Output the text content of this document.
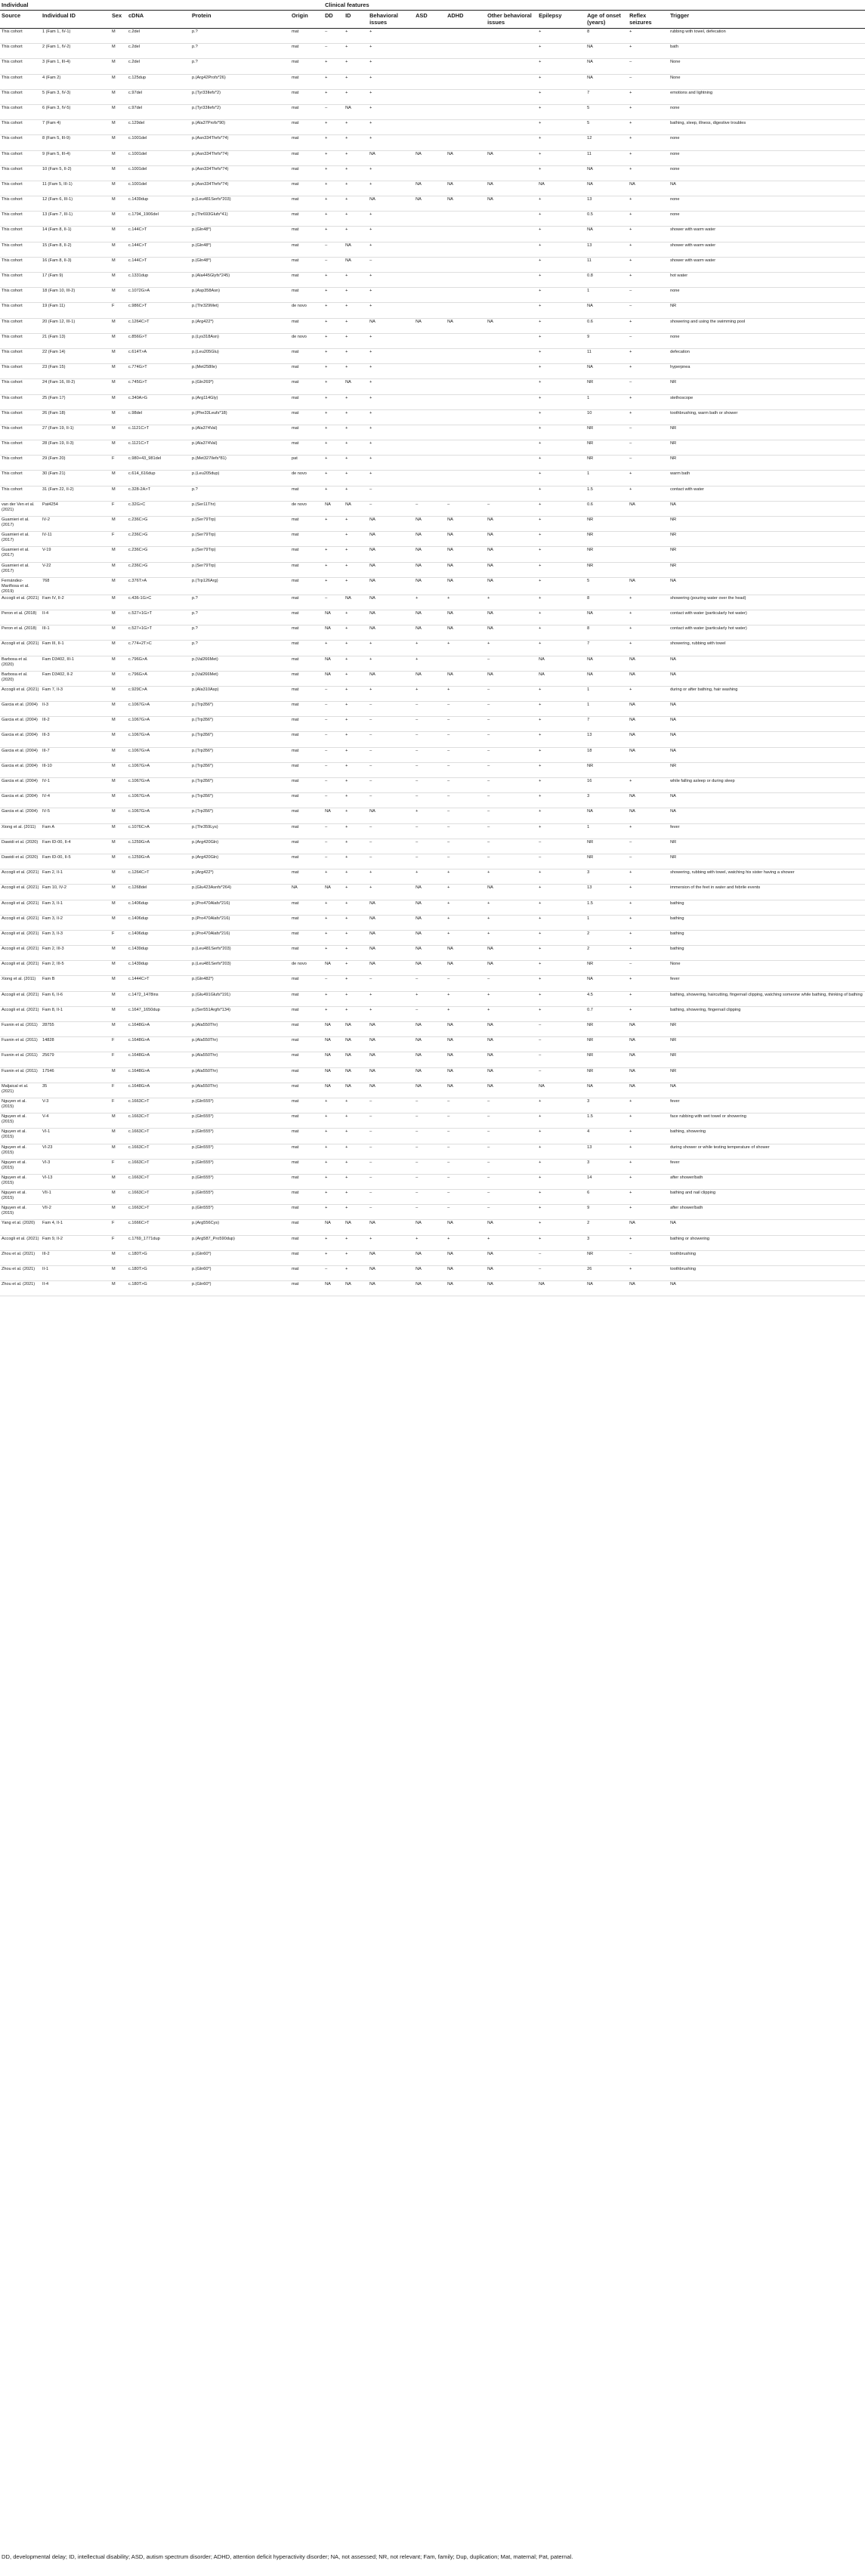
Individual						Clinical features									
Source	Individual ID	Sex	cDNA	Protein	Origin	DD	ID	Behavioral issues	ASD	ADHD	Other behavioral issues	Epilepsy	Age of onset (years)	Reflex seizures	Trigger
This cohort	1 (Fam 1, IV-1)	M	c.2del	p.?	mat	–	+	+				+	8	+	rubbing with towel, defecation
This cohort	2 (Fam 1, IV-2)	M	c.2del	p.?	mat	–	+	+				+	NA	+	bath
This cohort	3 (Fam 1, III-4)	M	c.2del	p.?	mat	+	+	+				+	NA	–	None
This cohort	4 (Fam 2)	M	c.125dup	p.(Arg42Profs*26)	mat	+	+	+				+	NA	–	None
This cohort	5 (Fam 3, IV-3)	M	c.97del	p.(Tyr33Ilefs*2)	mat	+	+	+				+	7	+	emotions and lightning
This cohort	6 (Fam 3, IV-5)	M	c.97del	p.(Tyr33Ilefs*2)	mat	–	NA	+				+	5	+	none
This cohort	7 (Fam 4)	M	c.129del	p.(Ala37Profs*90)	mat	+	+	+				+	5	+	bathing, sleep, illness, digestive troubles
This cohort	8 (Fam 5, III-9)	M	c.1001del	p.(Asn334Thrfs*74)	mat	+	+	+				+	12	+	none
This cohort	9 (Fam 5, III-4)	M	c.1001del	p.(Asn334Thrfs*74)	mat	+	+	NA	NA	NA	NA	+	11	+	none
This cohort	10 (Fam 5, II-2)	M	c.1001del	p.(Asn334Thrfs*74)	mat	+	+	+				+	NA	+	none
This cohort	11 (Fam 5, III-1)	M	c.1001del	p.(Asn334Thrfs*74)	mat	+	+	+	NA	NA	NA	NA	NA	NA	NA
This cohort	12 (Fam 6, III-1)	M	c.1439dup	p.(Leu481Serfs*203)	mat	+	+	NA	NA	NA	NA	+	13	+	none
This cohort	13 (Fam 7, III-1)	M	c.1794_1906del	p.(Thr693Glufs*41)	mat	+	+	+				+	0.5	+	none
This cohort	14 (Fam 8, II-1)	M	c.144C>T	p.(Gln48*)	mat	+	+	+				+	NA	+	shower with warm water
This cohort	15 (Fam 8, II-2)	M	c.144C>T	p.(Gln48*)	mat	–	NA	+				+	13	+	shower with warm water
This cohort	16 (Fam 8, II-3)	M	c.144C>T	p.(Gln48*)	mat	–	NA	–				+	11	+	shower with warm water
This cohort	17 (Fam 9)	M	c.1331dup	p.(Ala445Glyfs*245)	mat	+	+	+				+	0.8	+	hot water
This cohort	18 (Fam 10, III-2)	M	c.1072G>A	p.(Asp358Asn)	mat	+	+	+				+	1	–	none
This cohort	19 (Fam 11)	F	c.986C>T	p.(Thr329Met)	de novo	+	+	+				+	NA	–	NR
This cohort	20 (Fam 12, III-1)	M	c.1264C>T	p.(Arg422*)	mat	+	+	NA	NA	NA	NA	+	0.6	+	showering and using the swimming pool
This cohort	21 (Fam 13)	M	c.856G>T	p.(Lys318Asn)	de novo	+	+	+				+	9	–	none
This cohort	22 (Fam 14)	M	c.614T>A	p.(Leu205Glu)	mat	+	+	+				+	11	+	defecation
This cohort	23 (Fam 15)	M	c.774G>T	p.(Met258Ile)	mat	+	+	+				+	NA	+	hyperpnea
This cohort	24 (Fam 16, III-2)	M	c.745G>T	p.(Gln269*)	mat	+	NA	+				+	NR	–	NR
This cohort	25 (Fam 17)	M	c.340A>G	p.(Arg114Gly)	mat	+	+	+				+	1	+	stethoscope
This cohort	26 (Fam 18)	M	c.98del	p.(Phe33Leufs*18)	mat	+	+	+				+	10	+	toothbrushing, warm bath or shower
This cohort	27 (Fam 19, II-1)	M	c.1121C>T	p.(Ala374Val)	mat	+	+	+				+	NR	–	NR
This cohort	28 (Fam 19, II-3)	M	c.1121C>T	p.(Ala374Val)	mat	+	+	+				+	NR	–	NR
This cohort	29 (Fam 20)	F	c.980+43_981del	p.(Met327Ilefs*81)	pat	+	+	+				+	NR	–	NR
This cohort	30 (Fam 21)	M	c.614_616dup	p.(Leu205dup)	de novo	+	+	+				+	1	+	warm bath
This cohort	31 (Fam 22, II-2)	M	c.328-2A>T	p.?	mat	+	+	–				+	1.5	+	contact with water
van der Ven et al. (2021)	Pat4254	F	c.32G>C	p.(Ser11Thr)	de novo	NA	NA	–	–	–	–	+	0.6	NA	NA
Guarnieri et al. (2017)	IV-2	M	c.236C>G	p.(Ser79Trp)	mat	+	+	NA	NA	NA	NA	+	NR		NR
Guarnieri et al. (2017)	IV-11	F	c.236C>G	p.(Ser79Trp)	mat		+	NA	NA	NA	NA	+	NR		NR
Guarnieri et al. (2017)	V-19	M	c.236C>G	p.(Ser79Trp)	mat	+	+	NA	NA	NA	NA	+	NR		NR
Guarnieri et al. (2017)	V-22	M	c.236C>G	p.(Ser79Trp)	mat	+	+	NA	NA	NA	NA	+	NR		NR
Fernández-Mariñosa et al. (2019)	768	M	c.376T>A	p.(Trp126Arg)	mat	+	+	NA	NA	NA	NA	+	5	NA	NA
Accogli et al. (2021)	Fam IV, II-2	M	c.436-1G>C	p.?	mat	–	NA	NA	+	+	+	+	8	+	showering (pouring water over the head)
Peron et al. (2018)	II-4	M	c.527+1G>T	p.?	mat	NA	+	NA	NA	NA	NA	+	NA	+	contact with water (particularly hot water)
Peron et al. (2018)	III-1	M	c.527+1G>T	p.?	mat	NA	+	NA	NA	NA	NA	+	8	+	contact with water (particularly hot water)
Accogli et al. (2021)	Fam III, II-1	M	c.774+2T>C	p.?	mat	+	+	+	+	+	+	+	7	+	showering, rubbing with towel
Barbosa et al. (2020)	Fam D3402, III-1	M	c.796G>A	p.(Val266Met)	mat	NA	+	+	+		–	NA	NA	NA	NA
Barbosa et al. (2020)	Fam D3402, II-2	M	c.796G>A	p.(Val266Met)	mat	NA	+	NA	NA	NA	NA	NA	NA	NA	NA
Accogli et al. (2021)	Fam 7, II-3	M	c.929C>A	p.(Ala310Asp)	mat	–	+	+	+	+	–	+	1	+	during or after bathing, hair washing
Garcia et al. (2004)	II-3	M	c.1067G>A	p.(Trp356*)	mat	–	+	–	–	–	–	+	1	NA	NA
Garcia et al. (2004)	III-2	M	c.1067G>A	p.(Trp356*)	mat	–	+	–	–	–	–	+	7	NA	NA
Garcia et al. (2004)	III-3	M	c.1067G>A	p.(Trp356*)	mat	–	+	–	–	–	–	+	13	NA	NA
Garcia et al. (2004)	III-7	M	c.1067G>A	p.(Trp356*)	mat	–	+	–	–	–	–	+	18	NA	NA
Garcia et al. (2004)	III-10	M	c.1067G>A	p.(Trp356*)	mat	–	+	–	–	–	–	+	NR		NR
Garcia et al. (2004)	IV-1	M	c.1067G>A	p.(Trp356*)	mat	–	+	–	–	–	–	+	16	+	while falling asleep or during sleep
Garcia et al. (2004)	IV-4	M	c.1067G>A	p.(Trp356*)	mat	–	+	–	–	–	–	+	3	NA	NA
Garcia et al. (2004)	IV-5	M	c.1067G>A	p.(Trp356*)	mat	NA	+	NA	+	–	–	+	NA	NA	NA
Xiong et al. (2011)	Fam A	M	c.1076C>A	p.(Thr359Lys)	mat	–	+	–	–	–	–	+	1	+	fever
Dawidi et al. (2020)	Fam ID-00, II-4	M	c.1259G>A	p.(Arg420Gln)	mat	–	+	–	–	–	–	–	NR	–	NR
Dawidi et al. (2020)	Fam ID-00, II-5	M	c.1259G>A	p.(Arg420Gln)	mat	–	+	–	–	–	–	–	NR	–	NR
Accogli et al. (2021)	Fam 2, II-1	M	c.1264C>T	p.(Arg422*)	mat	+	+	+	+	+	+	+	3	+	showering, rubbing with towel, watching his sister having a shower
Accogli et al. (2021)	Fam 10, IV-2	M	c.1268del	p.(Glu423Asnfs*264)	NA	NA	+	+	NA	+	NA	+	13	+	immersion of the feet in water and febrile events
Accogli et al. (2021)	Fam 3, II-1	M	c.1406dup	p.(Pro470Alafs*216)	mat	+	+	NA	NA	+	+	+	1.5	+	bathing
Accogli et al. (2021)	Fam 3, II-2	M	c.1406dup	p.(Pro470Alafs*216)	mat	+	+	NA	NA	+	+	+	1	+	bathing
Accogli et al. (2021)	Fam 3, II-3	F	c.1406dup	p.(Pro470Alafs*216)	mat	+	+	NA	NA	+	+	+	2	+	bathing
Accogli et al. (2021)	Fam 2, III-3	M	c.1439dup	p.(Leu481Serfs*203)	mat	+	+	NA	NA	NA	NA	+	2	+	bathing
Accogli et al. (2021)	Fam 2, III-5	M	c.1439dup	p.(Leu481Serfs*203)	de novo	NA	+	NA	NA	NA	NA	+	NR	–	None
Xiong et al. (2011)	Fam B	M	c.1444C>T	p.(Gln482*)	mat	–	+	–	–	–	–	+	NA	+	fever
Accogli et al. (2021)	Fam 6, II-6	M	c.1472_1478ins	p.(Glu491Glufs*191)	mat	+	+	+	+	+	+	+	4.5	+	bathing, showering, haircutting, fingernail clipping, watching someone while bathing, thinking of bathing
Accogli et al. (2021)	Fam 8, II-1	M	c.1647_1650dup	p.(Ser551Argfs*134)	mat	+	+	+	–	+	+	+	0.7	+	bathing, showering, fingernail clipping
Fusnin et al. (2011)	28755	M	c.1648G>A	p.(Ala550Thr)	mat	NA	NA	NA	NA	NA	NA	–	NR	NA	NR
Fusnin et al. (2011)	14828	F	c.1648G>A	p.(Ala550Thr)	mat	NA	NA	NA	NA	NA	NA	–	NR	NA	NR
Fusnin et al. (2011)	25679	F	c.1648G>A	p.(Ala550Thr)	mat	NA	NA	NA	NA	NA	NA	–	NR	NA	NR
Fusnin et al. (2011)	17546	M	c.1648G>A	p.(Ala550Thr)	mat	NA	NA	NA	NA	NA	NA	–	NR	NA	NR
Maljaical et al. (2021)	35	F	c.1648G>A	p.(Ala550Thr)	mat	NA	NA	NA	NA	NA	NA	NA	NA	NA	NA
Nguyen et al. (2015)	V-3	F	c.1663C>T	p.(Gln555*)	mat	+	+	–	–	–	–	+	3	+	fever
Nguyen et al. (2015)	V-4	M	c.1663C>T	p.(Gln555*)	mat	+	+	–	–	–	–	+	1.5	+	face rubbing with wet towel or showering
Nguyen et al. (2015)	VI-1	M	c.1663C>T	p.(Gln555*)	mat	+	+	–	–	–	–	+	4	+	bathing, showering
Nguyen et al. (2015)	VI-23	M	c.1663C>T	p.(Gln555*)	mat	+	+	–	–	–	–	+	13	+	during shower or while testing temperature of shower
Nguyen et al. (2015)	VI-3	F	c.1663C>T	p.(Gln555*)	mat	+	+	–	–	–	–	+	3	+	fever
Nguyen et al. (2015)	VI-13	M	c.1663C>T	p.(Gln555*)	mat	+	+	–	–	–	–	+	14	+	after shower/bath
Nguyen et al. (2015)	VII-1	M	c.1663C>T	p.(Gln555*)	mat	+	+	–	–	–	–	+	6	+	bathing and nail clipping
Nguyen et al. (2015)	VII-2	M	c.1663C>T	p.(Gln555*)	mat	+	+	–	–	–	–	+	9	+	after shower/bath
Yang et al. (2020)	Fam 4, II-1	F	c.1666C>T	p.(Arg556Cys)	mat	NA	NA	NA	NA	NA	NA	+	2	NA	NA
Accogli et al. (2021)	Fam 9, II-2	F	c.1769_1771dup	p.(Arg587_Pro590dup)	mat	+	+	+	+	+	+	+	3	+	bathing or showering
Zhou et al. (2021)	III-2	M	c.180T>G	p.(Gln60*)	mat	+	+	NA	NA	NA	NA	–	NR	–	toothbrushing
Zhou et al. (2021)	II-1	M	c.180T>G	p.(Gln60*)	mat	–	+	NA	NA	NA	NA	–	26	+	toothbrushing
Zhou et al. (2021)	II-4	M	c.180T>G	p.(Gln60*)	mat	NA	NA	NA	NA	NA	NA	NA	NA	NA	NA
DD, developmental delay; ID, intellectual disability; ASD, autism spectrum disorder; ADHD, attention deficit hyperactivity disorder; NA, not assessed; NR, not relevant; Fam, family; Dup, duplication; Mat, maternal; Pat, paternal.
